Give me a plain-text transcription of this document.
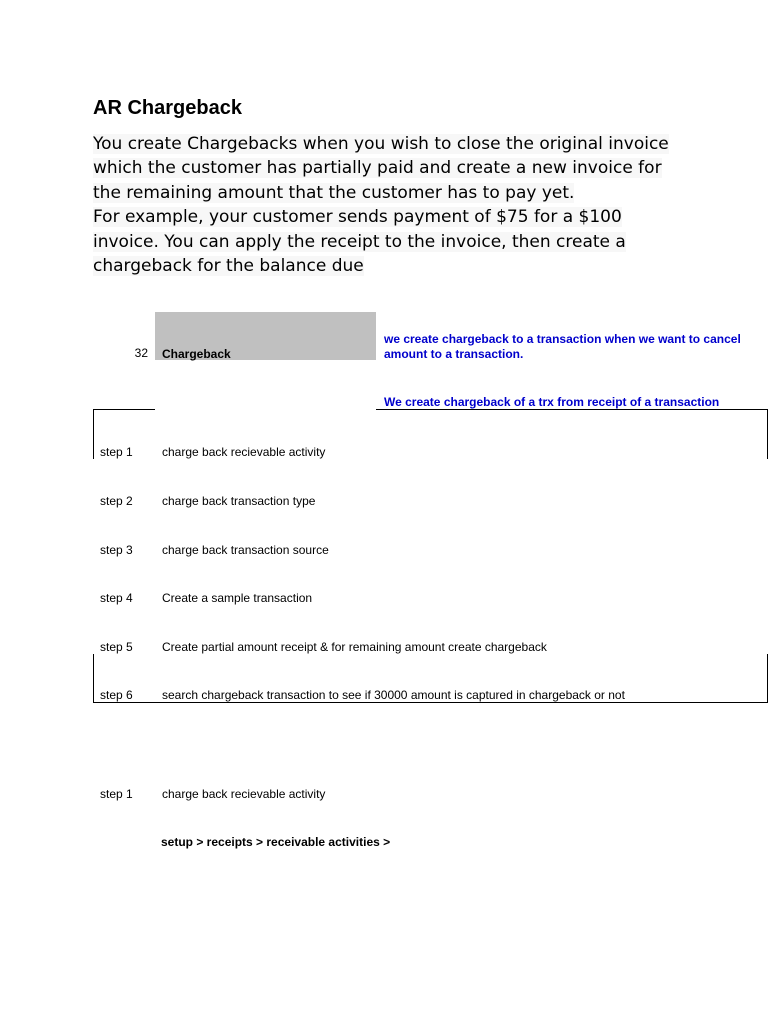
AR Chargeback
You create Chargebacks when you wish to close the original invoice
which the customer has partially paid and create a new invoice for
the remaining amount that the customer has to pay yet.
For example, your customer sends payment of $75 for a $100
invoice. You can apply the receipt to the invoice, then create a
chargeback for the balance due
32 Chargeback
we create chargeback to a transaction when we want to cancel
amount to a transaction.
We create chargeback of a trx from receipt of a transaction
step 1 charge back recievable activity
step 2 charge back transaction type
step 3 charge back transaction source
step 4 Create a sample transaction
step 5 Create partial amount receipt & for remaining amount create chargeback
step 6 search chargeback transaction to see if 30000 amount is captured in chargeback or not
step 1 charge back recievable activity
setup > receipts > receivable activities >
